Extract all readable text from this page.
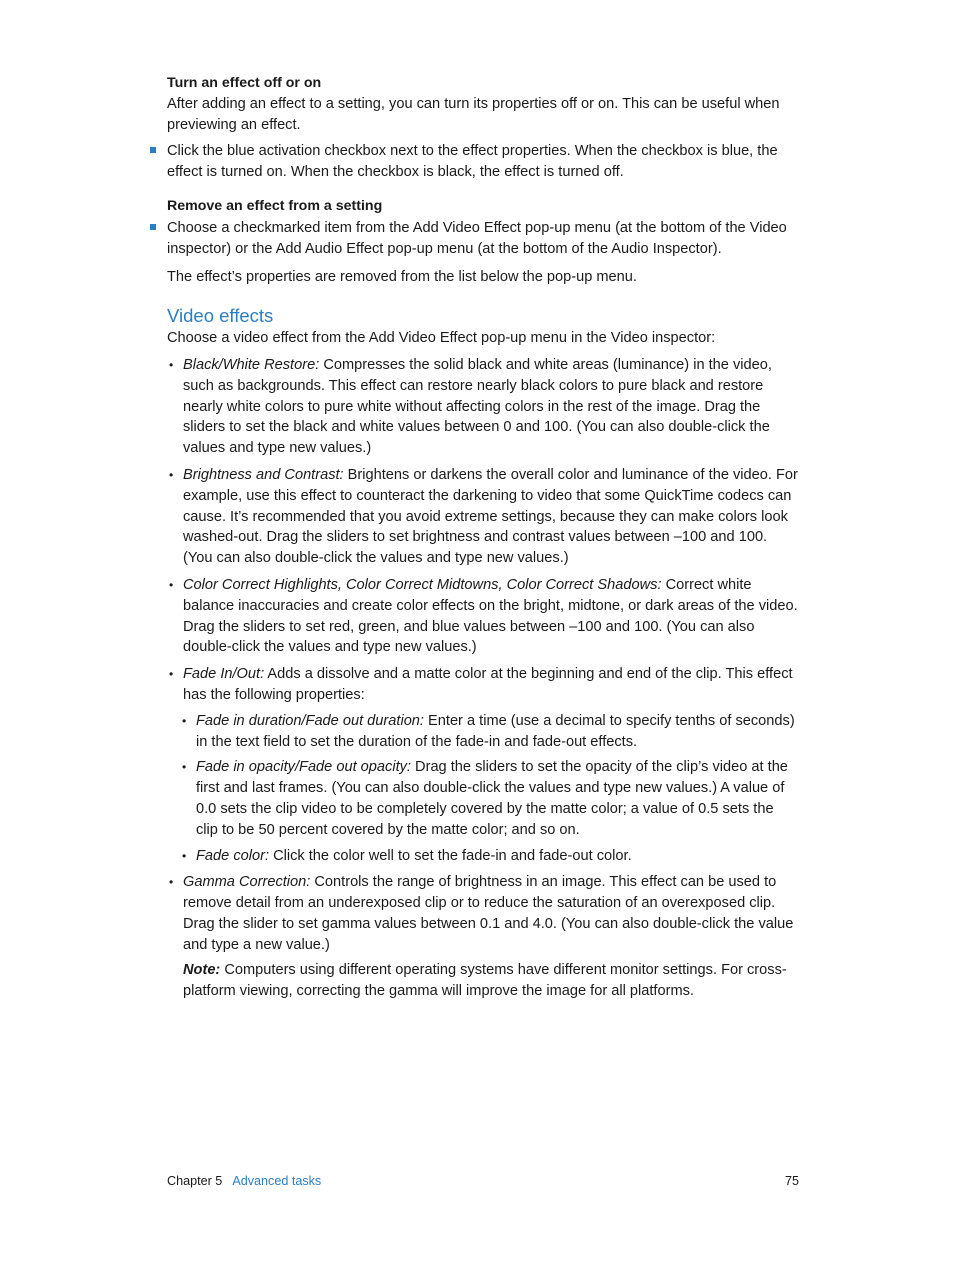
Turn an effect off or on

After adding an effect to a setting, you can turn its properties off or on. This can be useful when previewing an effect.

Click the blue activation checkbox next to the effect properties. When the checkbox is blue, the effect is turned on. When the checkbox is black, the effect is turned off.

Remove an effect from a setting

Choose a checkmarked item from the Add Video Effect pop-up menu (at the bottom of the Video inspector) or the Add Audio Effect pop-up menu (at the bottom of the Audio Inspector).

The effect’s properties are removed from the list below the pop-up menu.

Video effects

Choose a video effect from the Add Video Effect pop-up menu in the Video inspector:

• Black/White Restore: Compresses the solid black and white areas (luminance) in the video, such as backgrounds. This effect can restore nearly black colors to pure black and restore nearly white colors to pure white without affecting colors in the rest of the image. Drag the sliders to set the black and white values between 0 and 100. (You can also double-click the values and type new values.)
• Brightness and Contrast: Brightens or darkens the overall color and luminance of the video. For example, use this effect to counteract the darkening to video that some QuickTime codecs can cause. It’s recommended that you avoid extreme settings, because they can make colors look washed-out. Drag the sliders to set brightness and contrast values between –100 and 100. (You can also double-click the values and type new values.)
• Color Correct Highlights, Color Correct Midtowns, Color Correct Shadows: Correct white balance inaccuracies and create color effects on the bright, midtone, or dark areas of the video. Drag the sliders to set red, green, and blue values between –100 and 100. (You can also double-click the values and type new values.)
• Fade In/Out: Adds a dissolve and a matte color at the beginning and end of the clip. This effect has the following properties:
• Fade in duration/Fade out duration: Enter a time (use a decimal to specify tenths of seconds) in the text field to set the duration of the fade-in and fade-out effects.
• Fade in opacity/Fade out opacity: Drag the sliders to set the opacity of the clip’s video at the first and last frames. (You can also double-click the values and type new values.) A value of 0.0 sets the clip video to be completely covered by the matte color; a value of 0.5 sets the clip to be 50 percent covered by the matte color; and so on.
• Fade color: Click the color well to set the fade-in and fade-out color.
• Gamma Correction: Controls the range of brightness in an image. This effect can be used to remove detail from an underexposed clip or to reduce the saturation of an overexposed clip. Drag the slider to set gamma values between 0.1 and 4.0. (You can also double-click the value and type a new value.)

Note: Computers using different operating systems have different monitor settings. For cross-platform viewing, correcting the gamma will improve the image for all platforms.

Chapter 5 Advanced tasks	75
